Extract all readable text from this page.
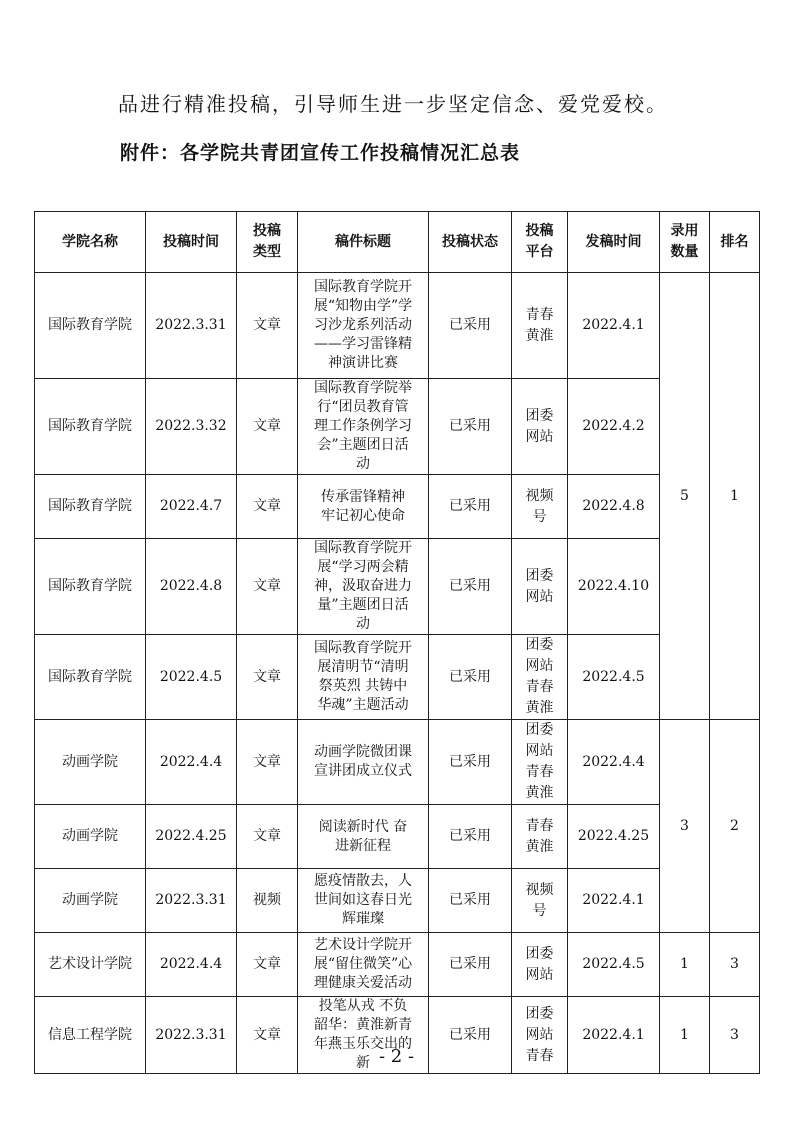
品进行精准投稿，引导师生进一步坚定信念、爱党爱校。
附件：各学院共青团宣传工作投稿情况汇总表
学院名称	投稿时间	投稿类型	稿件标题	投稿状态	投稿平台	发稿时间	录用数量	排名
国际教育学院	2022.3.31	文章	国际教育学院开展“知物由学”学习沙龙系列活动——学习雷锋精神演讲比赛	已采用	青春黄淮	2022.4.1	5	1
国际教育学院	2022.3.32	文章	国际教育学院举行“团员教育管理工作条例学习会”主题团日活动	已采用	团委网站	2022.4.2		
国际教育学院	2022.4.7	文章	传承雷锋精神 牢记初心使命	已采用	视频号	2022.4.8		
国际教育学院	2022.4.8	文章	国际教育学院开展“学习两会精神，汲取奋进力量”主题团日活动	已采用	团委网站	2022.4.10		
国际教育学院	2022.4.5	文章	国际教育学院开展清明节“清明祭英烈 共铸中华魂”主题活动	已采用	团委网站青春黄淮	2022.4.5		
动画学院	2022.4.4	文章	动画学院微团课宣讲团成立仪式	已采用	团委网站青春黄淮	2022.4.4	3	2
动画学院	2022.4.25	文章	阅读新时代 奋进新征程	已采用	青春黄淮	2022.4.25		
动画学院	2022.3.31	视频	愿疫情散去，人世间如这春日光辉璀璨	已采用	视频号	2022.4.1		
艺术设计学院	2022.4.4	文章	艺术设计学院开展“留住微笑”心理健康关爱活动	已采用	团委网站	2022.4.5	1	3
信息工程学院	2022.3.31	文章	投笔从戎 不负韶华：黄淮新青年燕玉乐交出的新	已采用	团委网站青春	2022.4.1	1	3
- 2 -
